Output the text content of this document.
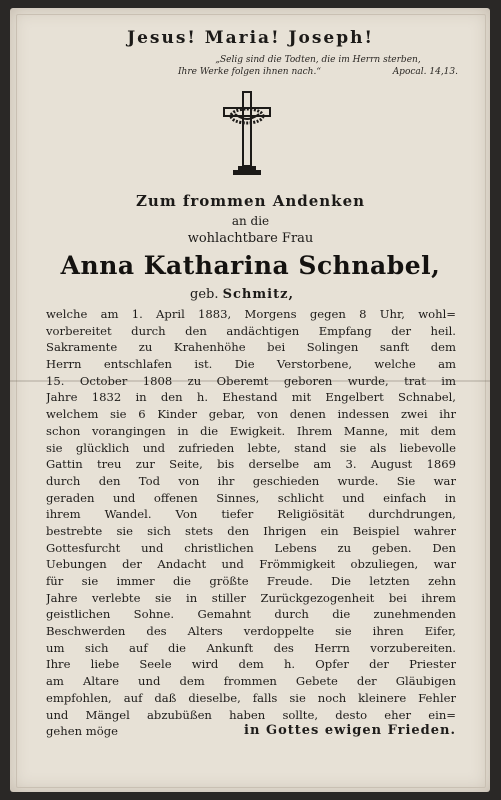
Jesus! Maria! Joseph!
„Selig sind die Todten, die im Herrn sterben,
Ihre Werke folgen ihnen nach.“	Apocal. 14,13.
Zum frommen Andenken
an die
wohlachtbare Frau
Anna Katharina Schnabel,
geb. Schmitz,
welche am 1. April 1883, Morgens gegen 8 Uhr, wohl=
vorbereitet durch den andächtigen Empfang der heil.
Sakramente zu Krahenhöhe bei Solingen sanft dem
Herrn entschlafen ist. Die Verstorbene, welche am
15. October 1808 zu Oberemt geboren wurde, trat im
Jahre 1832 in den h. Ehestand mit Engelbert Schnabel,
welchem sie 6 Kinder gebar, von denen indessen zwei ihr
schon vorangingen in die Ewigkeit. Ihrem Manne, mit dem
sie glücklich und zufrieden lebte, stand sie als liebevolle
Gattin treu zur Seite, bis derselbe am 3. August 1869
durch den Tod von ihr geschieden wurde. Sie war
geraden und offenen Sinnes, schlicht und einfach in
ihrem Wandel. Von tiefer Religiösität durchdrungen,
bestrebte sie sich stets den Ihrigen ein Beispiel wahrer
Gottesfurcht und christlichen Lebens zu geben. Den
Uebungen der Andacht und Frömmigkeit obzuliegen, war
für sie immer die größte Freude. Die letzten zehn
Jahre verlebte sie in stiller Zurückgezogenheit bei ihrem
geistlichen Sohne. Gemahnt durch die zunehmenden
Beschwerden des Alters verdoppelte sie ihren Eifer,
um sich auf die Ankunft des Herrn vorzubereiten.
Ihre liebe Seele wird dem h. Opfer der Priester
am Altare und dem frommen Gebete der Gläubigen
empfohlen, auf daß dieselbe, falls sie noch kleinere Fehler
und Mängel abzubüßen haben sollte, desto eher ein=
gehen möge	in Gottes ewigen Frieden.
